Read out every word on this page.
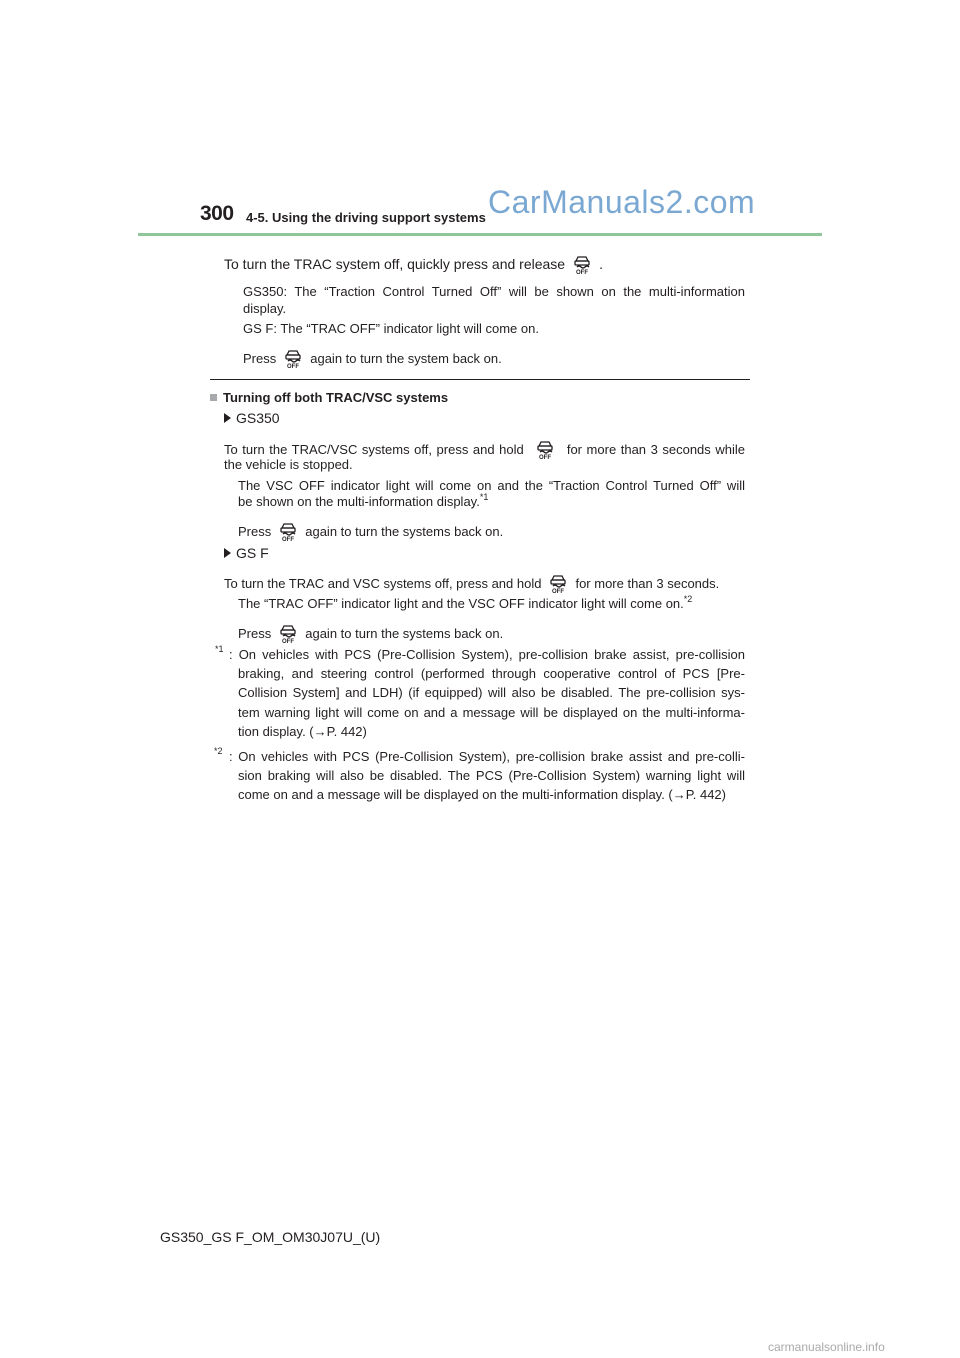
300 4-5. Using the driving support systems CarManuals2.com
To turn the TRAC system off, quickly press and release
OFF
.
GS350: The “Traction Control Turned Off” will be shown on the multi-information
display.
GS F: The “TRAC OFF” indicator light will come on.
Press
OFF
again to turn the system back on.
Turning off both TRAC/VSC systems
GS350
To turn the TRAC/VSC systems off, press and hold
OFF
for more than 3 seconds while
the vehicle is stopped.
The VSC OFF indicator light will come on and the “Traction Control Turned Off” will
be shown on the multi-information display.$^{*1}$
Press
OFF
again to turn the systems back on.
GS F
To turn the TRAC and VSC systems off, press and hold
OFF
for more than 3 seconds.
The “TRAC OFF” indicator light and the VSC OFF indicator light will come on.$^{*2}$
Press
OFF
again to turn the systems back on.
$^{*1}$ : On vehicles with PCS (Pre-Collision System), pre-collision brake assist, pre-collision
braking, and steering control (performed through cooperative control of PCS [Pre-
Collision System] and LDH) (if equipped) will also be disabled. The pre-collision sys-
tem warning light will come on and a message will be displayed on the multi-informa-
tion display. (→P. 442)
$^{*2}$ : On vehicles with PCS (Pre-Collision System), pre-collision brake assist and pre-colli-
sion braking will also be disabled. The PCS (Pre-Collision System) warning light will
come on and a message will be displayed on the multi-information display. (→P. 442)
GS350_GS F_OM_OM30J07U_(U)
carmanualsonline.info
